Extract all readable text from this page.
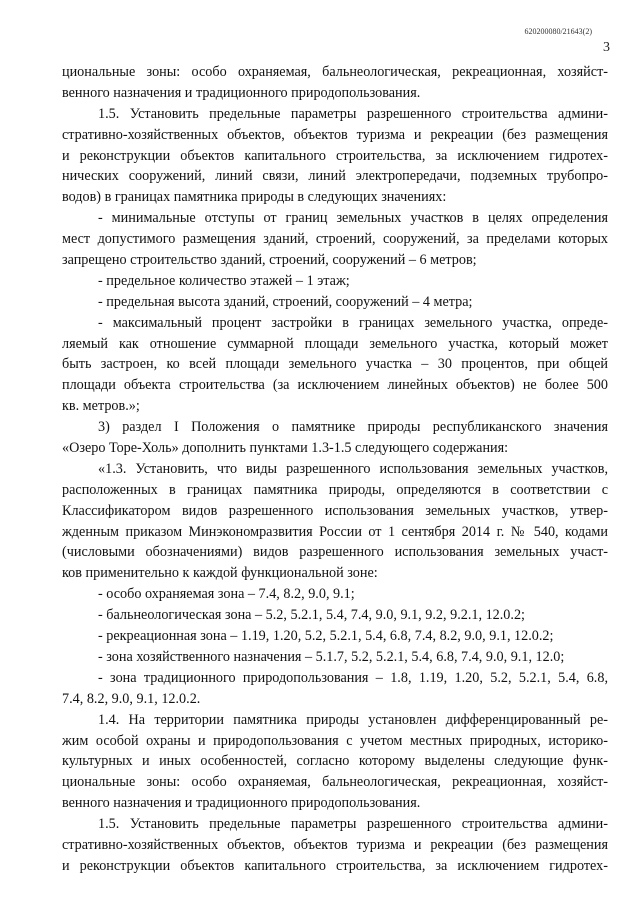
620200080/21643(2)
3
циональные зоны: особо охраняемая, бальнеологическая, рекреационная, хозяйст-
венного назначения и традиционного природопользования.
1.5. Установить предельные параметры разрешенного строительства админи-
стративно-хозяйственных объектов, объектов туризма и рекреации (без размещения
и реконструкции объектов капитального строительства, за исключением гидротех-
нических сооружений, линий связи, линий электропередачи, подземных трубопро-
водов) в границах памятника природы в следующих значениях:
- минимальные отступы от границ земельных участков в целях определения
мест допустимого размещения зданий, строений, сооружений, за пределами которых
запрещено строительство зданий, строений, сооружений – 6 метров;
- предельное количество этажей – 1 этаж;
- предельная высота зданий, строений, сооружений – 4 метра;
- максимальный процент застройки в границах земельного участка, опреде-
ляемый как отношение суммарной площади земельного участка, который может
быть застроен, ко всей площади земельного участка – 30 процентов, при общей
площади объекта строительства (за исключением линейных объектов) не более 500
кв. метров.»;
3) раздел I Положения о памятнике природы республиканского значения
«Озеро Торе-Холь» дополнить пунктами 1.3-1.5 следующего содержания:
«1.3. Установить, что виды разрешенного использования земельных участков,
расположенных в границах памятника природы, определяются в соответствии с
Классификатором видов разрешенного использования земельных участков, утвер-
жденным приказом Минэкономразвития России от 1 сентября 2014 г. № 540, кодами
(числовыми обозначениями) видов разрешенного использования земельных участ-
ков применительно к каждой функциональной зоне:
- особо охраняемая зона – 7.4, 8.2, 9.0, 9.1;
- бальнеологическая зона – 5.2, 5.2.1, 5.4, 7.4, 9.0, 9.1, 9.2, 9.2.1, 12.0.2;
- рекреационная зона – 1.19, 1.20, 5.2, 5.2.1, 5.4, 6.8, 7.4, 8.2, 9.0, 9.1, 12.0.2;
- зона хозяйственного назначения – 5.1.7, 5.2, 5.2.1, 5.4, 6.8, 7.4, 9.0, 9.1, 12.0;
- зона традиционного природопользования – 1.8, 1.19, 1.20, 5.2, 5.2.1, 5.4, 6.8,
7.4, 8.2, 9.0, 9.1, 12.0.2.
1.4. На территории памятника природы установлен дифференцированный ре-
жим особой охраны и природопользования с учетом местных природных, историко-
культурных и иных особенностей, согласно которому выделены следующие функ-
циональные зоны: особо охраняемая, бальнеологическая, рекреационная, хозяйст-
венного назначения и традиционного природопользования.
1.5. Установить предельные параметры разрешенного строительства админи-
стративно-хозяйственных объектов, объектов туризма и рекреации (без размещения
и реконструкции объектов капитального строительства, за исключением гидротех-
